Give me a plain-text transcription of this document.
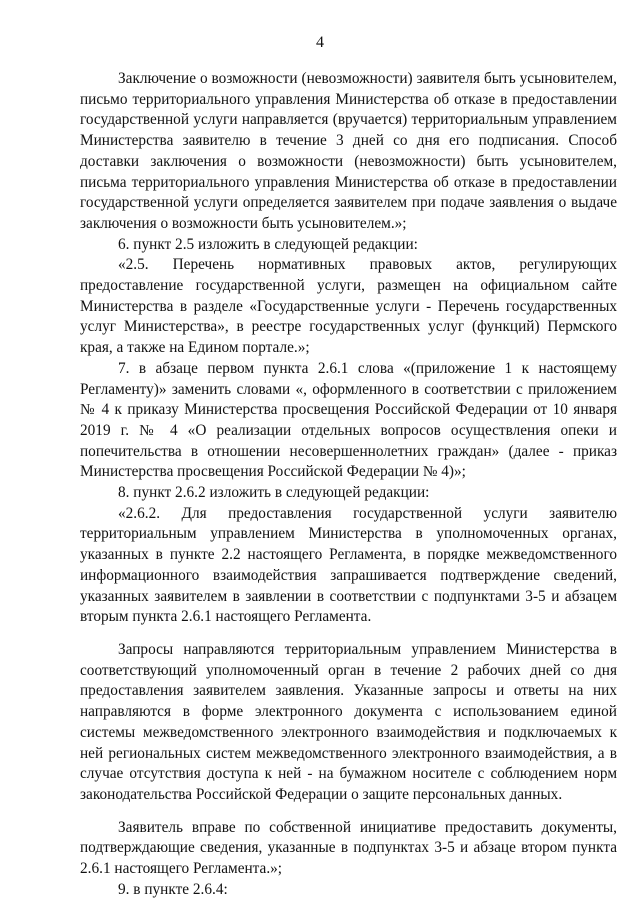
4

Заключение о возможности (невозможности) заявителя быть усыновителем, письмо территориального управления Министерства об отказе в предоставлении государственной услуги направляется (вручается) территориальным управлением Министерства заявителю в течение 3 дней со дня его подписания. Способ доставки заключения о возможности (невозможности) быть усыновителем, письма территориального управления Министерства об отказе в предоставлении государственной услуги определяется заявителем при подаче заявления о выдаче заключения о возможности быть усыновителем.»;

6. пункт 2.5 изложить в следующей редакции:

«2.5. Перечень нормативных правовых актов, регулирующих предоставление государственной услуги, размещен на официальном сайте Министерства в разделе «Государственные услуги - Перечень государственных услуг Министерства», в реестре государственных услуг (функций) Пермского края, а также на Едином портале.»;

7. в абзаце первом пункта 2.6.1 слова «(приложение 1 к настоящему Регламенту)» заменить словами «, оформленного в соответствии с приложением № 4 к приказу Министерства просвещения Российской Федерации от 10 января 2019 г. № 4 «О реализации отдельных вопросов осуществления опеки и попечительства в отношении несовершеннолетних граждан» (далее - приказ Министерства просвещения Российской Федерации № 4)»;

8. пункт 2.6.2 изложить в следующей редакции:

«2.6.2. Для предоставления государственной услуги заявителю территориальным управлением Министерства в уполномоченных органах, указанных в пункте 2.2 настоящего Регламента, в порядке межведомственного информационного взаимодействия запрашивается подтверждение сведений, указанных заявителем в заявлении в соответствии с подпунктами 3-5 и абзацем вторым пункта 2.6.1 настоящего Регламента.

Запросы направляются территориальным управлением Министерства в соответствующий уполномоченный орган в течение 2 рабочих дней со дня предоставления заявителем заявления. Указанные запросы и ответы на них направляются в форме электронного документа с использованием единой системы межведомственного электронного взаимодействия и подключаемых к ней региональных систем межведомственного электронного взаимодействия, а в случае отсутствия доступа к ней - на бумажном носителе с соблюдением норм законодательства Российской Федерации о защите персональных данных.

Заявитель вправе по собственной инициативе предоставить документы, подтверждающие сведения, указанные в подпунктах 3-5 и абзаце втором пункта 2.6.1 настоящего Регламента.»;

9. в пункте 2.6.4:
